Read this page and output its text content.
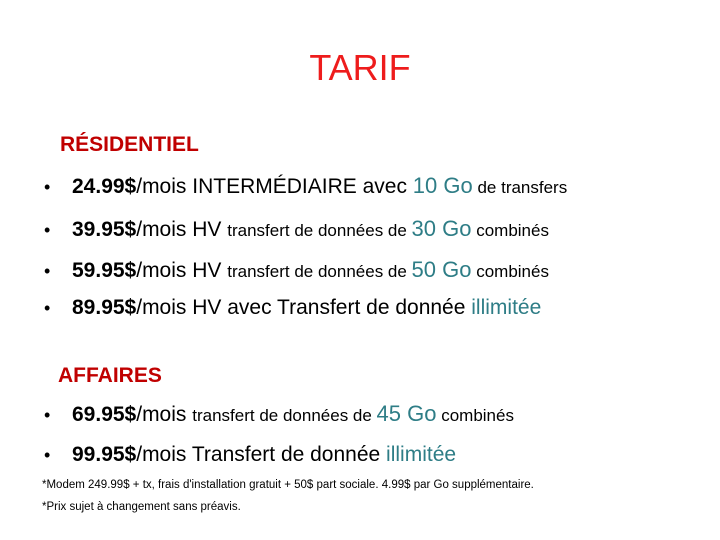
TARIF
RÉSIDENTIEL
• 24.99$/mois INTERMÉDIAIRE avec 10 Go de transfers
• 39.95$/mois HV transfert de données de 30 Go combinés
• 59.95$/mois HV transfert de données de 50 Go combinés
• 89.95$/mois HV avec Transfert de donnée illimitée
AFFAIRES
• 69.95$/mois transfert de données de 45 Go combinés
• 99.95$/mois Transfert de donnée illimitée
*Modem 249.99$ + tx, frais d'installation gratuit + 50$ part sociale. 4.99$ par Go supplémentaire.
*Prix sujet à changement sans préavis.
